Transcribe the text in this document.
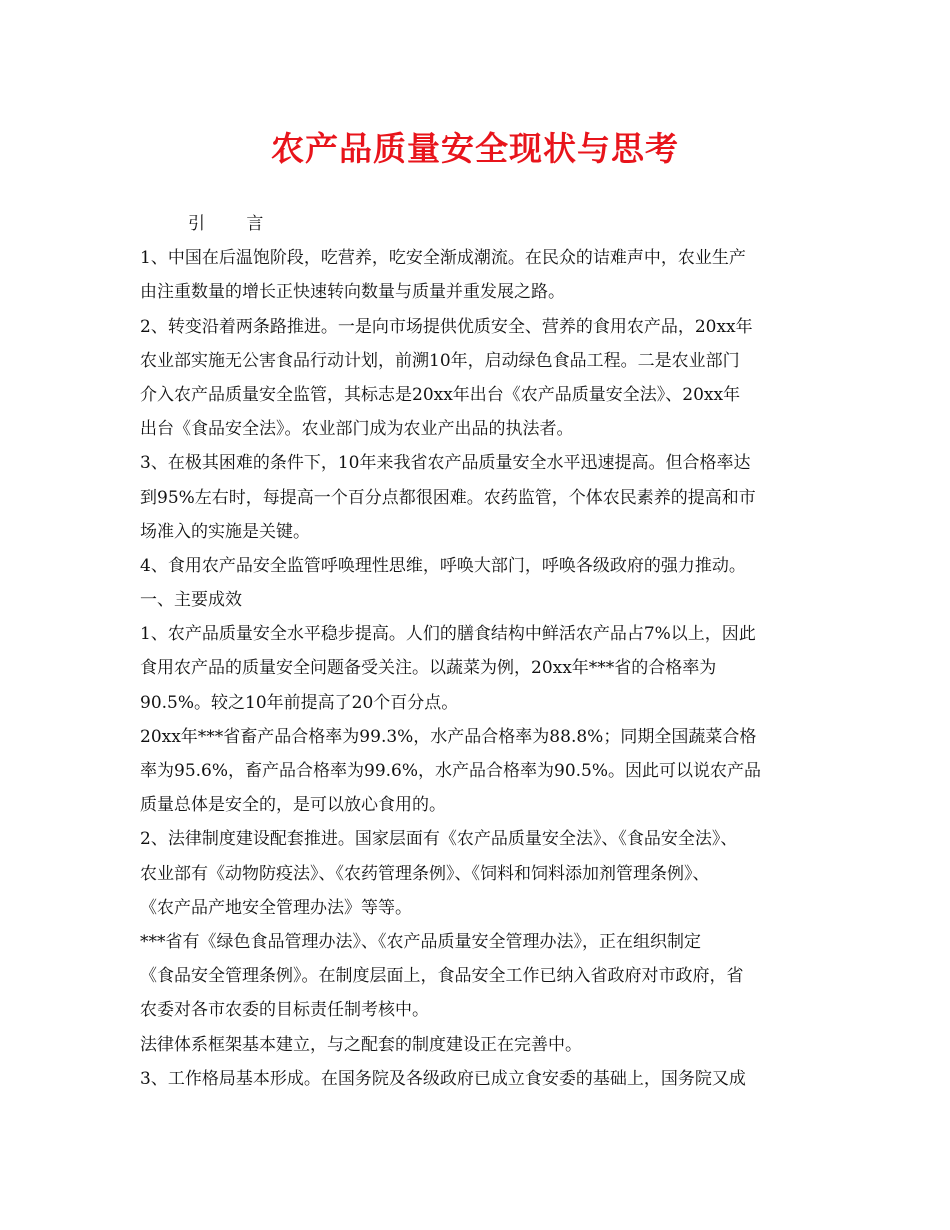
农产品质量安全现状与思考
引 言
1、中国在后温饱阶段，吃营养，吃安全渐成潮流。在民众的诘难声中，农业生产
由注重数量的增长正快速转向数量与质量并重发展之路。
2、转变沿着两条路推进。一是向市场提供优质安全、营养的食用农产品，20xx年
农业部实施无公害食品行动计划，前溯10年，启动绿色食品工程。二是农业部门
介入农产品质量安全监管，其标志是20xx年出台《农产品质量安全法》、20xx年
出台《食品安全法》。农业部门成为农业产出品的执法者。
3、在极其困难的条件下，10年来我省农产品质量安全水平迅速提高。但合格率达
到95%左右时，每提高一个百分点都很困难。农药监管，个体农民素养的提高和市
场准入的实施是关键。
4、食用农产品安全监管呼唤理性思维，呼唤大部门，呼唤各级政府的强力推动。
一、主要成效
1、农产品质量安全水平稳步提高。人们的膳食结构中鲜活农产品占7%以上，因此
食用农产品的质量安全问题备受关注。以蔬菜为例，20xx年***省的合格率为
90.5%。较之10年前提高了20个百分点。
20xx年***省畜产品合格率为99.3%，水产品合格率为88.8%；同期全国蔬菜合格
率为95.6%，畜产品合格率为99.6%，水产品合格率为90.5%。因此可以说农产品
质量总体是安全的，是可以放心食用的。
2、法律制度建设配套推进。国家层面有《农产品质量安全法》、《食品安全法》、
农业部有《动物防疫法》、《农药管理条例》、《饲料和饲料添加剂管理条例》、
《农产品产地安全管理办法》等等。
***省有《绿色食品管理办法》、《农产品质量安全管理办法》，正在组织制定
《食品安全管理条例》。在制度层面上，食品安全工作已纳入省政府对市政府，省
农委对各市农委的目标责任制考核中。
法律体系框架基本建立，与之配套的制度建设正在完善中。
3、工作格局基本形成。在国务院及各级政府已成立食安委的基础上，国务院又成
